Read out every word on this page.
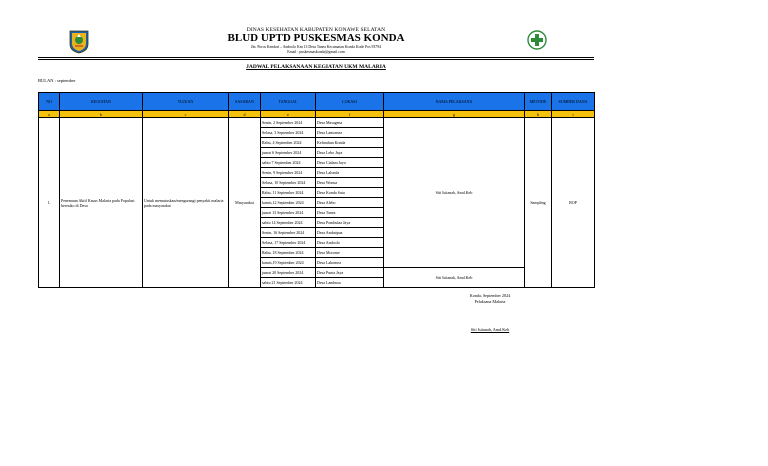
DINAS KESEHATAN KABUPATEN KONAWE SELATAN
BLUD UPTD PUSKESMAS KONDA
Jln. Poros Kendari – Andoolo Km 13 Desa Tanea Kecamatan Konda Kode Pos 93794
Email : puskesmaskonda@gmail.com
JADWAL PELAKSANAAN KEGIATAN UKM MALARIA
BULAN : september
NO	KEGIATAN	TUJUAN	SASARAN	TANGGAL	LOKASI	NAMA PELAKSANA	METODE	SUMBER DANA
a	b	c	d	e	f	g	h	i
1.	Penemuan Aktif Kasus Malaria pada Populasi beresiko di Desa	Untuk memutuskan/mengurangi penyakit malaria pada masyarakat	Masyarakat	Senin, 2 September 2024	Desa Masagena	Siti Istianah, Amd.Keb	Sampling	BOP
				Selasa, 3 September 2024	Desa Lamomea			
				Rabu, 4 September 2024	Kelurahan Konda			
				jumat 6 September 2024	Desa Lebo Jaya			
				sabtu 7 September 2024	Desa Cialam Jaya			
				Senin, 9 September 2024	Desa Lalonda			
				Selasa, 10 September 2024	Desa Wonua			
				Rabu, 11 September 2024	Desa Konda Satu			
				kamis,12 September 2024	Desa Alebo			
				jumat 13 September 2024	Desa Tanea			
				sabtu 14 September 2024	Desa Pombulaa Jaya			
				Senin, 16 September 2024	Desa Ambaipua			
				Selasa, 17 September 2024	Desa Andoolo			
				Rabu, 18 September 2024	Desa Morome			
				kamis,19 September 2024	Desa Lakomea			
				jumat 20 September 2024	Desa Punta Jaya	Siti Istianah, Amd.Keb		
				sabtu 21 September 2024	Desa Lambusa			
Konda, September 2024
Pelaksana Malaria
Siti Istianah, Amd.Keb
